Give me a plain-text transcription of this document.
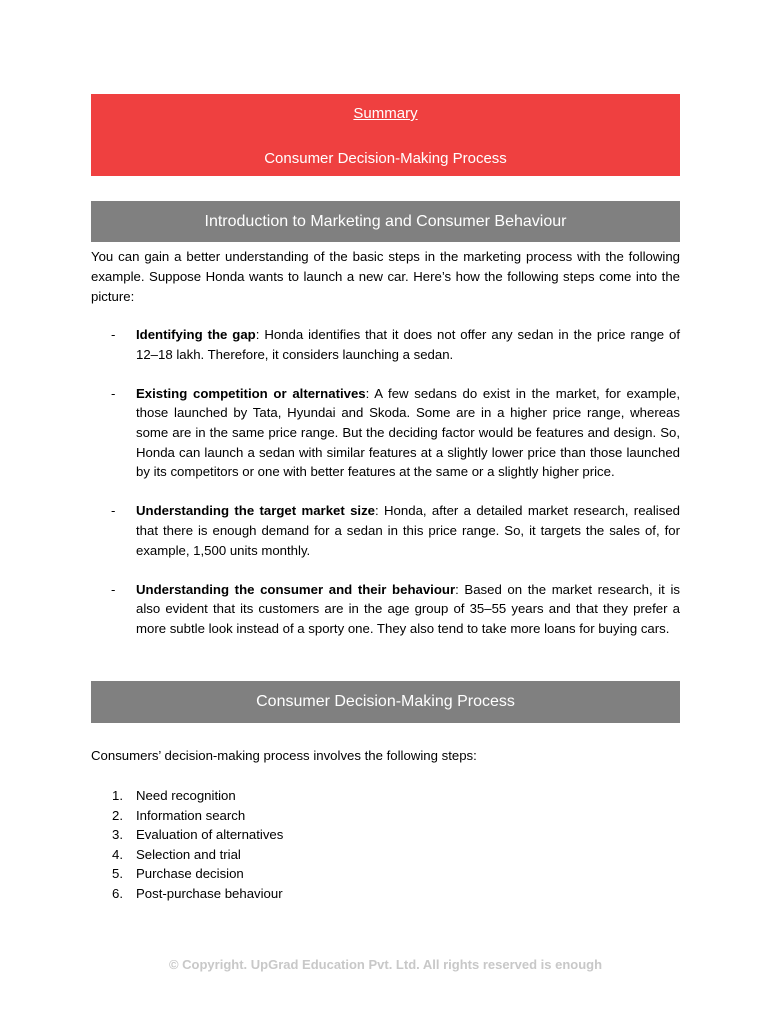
Summary
Consumer Decision-Making Process
Introduction to Marketing and Consumer Behaviour
You can gain a better understanding of the basic steps in the marketing process with the following example. Suppose Honda wants to launch a new car. Here’s how the following steps come into the picture:
- Identifying the gap: Honda identifies that it does not offer any sedan in the price range of 12–18 lakh. Therefore, it considers launching a sedan.
- Existing competition or alternatives: A few sedans do exist in the market, for example, those launched by Tata, Hyundai and Skoda. Some are in a higher price range, whereas some are in the same price range. But the deciding factor would be features and design. So, Honda can launch a sedan with similar features at a slightly lower price than those launched by its competitors or one with better features at the same or a slightly higher price.
- Understanding the target market size: Honda, after a detailed market research, realised that there is enough demand for a sedan in this price range. So, it targets the sales of, for example, 1,500 units monthly.
- Understanding the consumer and their behaviour: Based on the market research, it is also evident that its customers are in the age group of 35–55 years and that they prefer a more subtle look instead of a sporty one. They also tend to take more loans for buying cars.
Consumer Decision-Making Process
Consumers’ decision-making process involves the following steps:
1. Need recognition
2. Information search
3. Evaluation of alternatives
4. Selection and trial
5. Purchase decision
6. Post-purchase behaviour
© Copyright. UpGrad Education Pvt. Ltd. All rights reserved is enough
